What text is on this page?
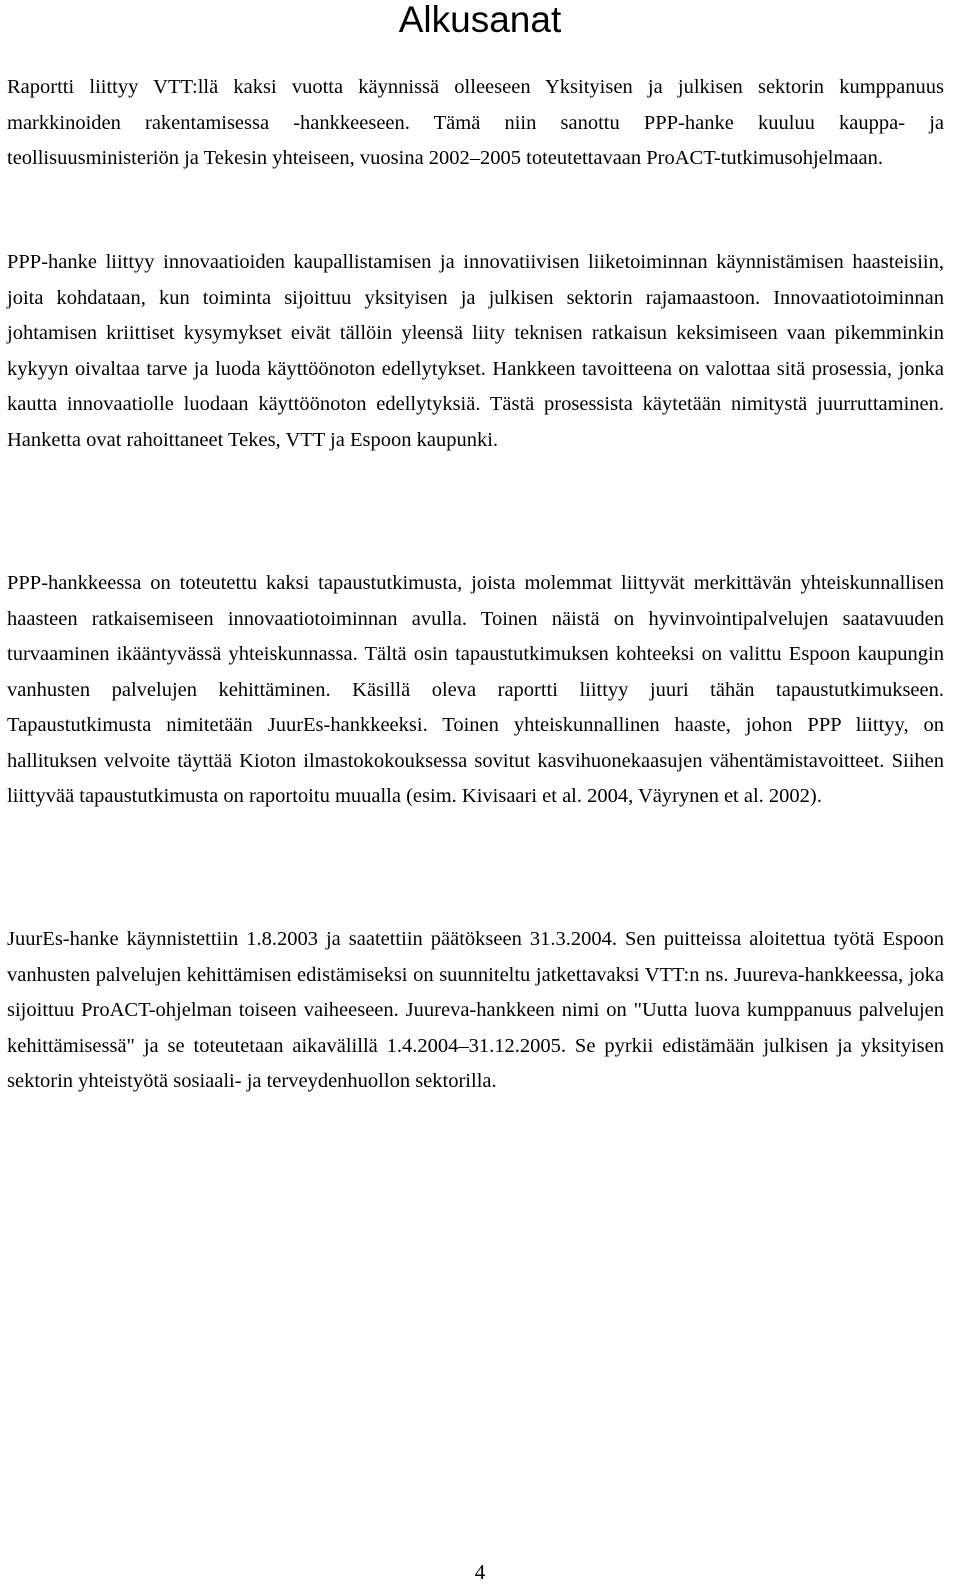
Alkusanat

Raportti liittyy VTT:llä kaksi vuotta käynnissä olleeseen Yksityisen ja julkisen sektorin kumppanuus markkinoiden rakentamisessa -hankkeeseen. Tämä niin sanottu PPP-hanke kuuluu kauppa- ja teollisuusministeriön ja Tekesin yhteiseen, vuosina 2002–2005 toteutettavaan ProACT-tutkimusohjelmaan.

PPP-hanke liittyy innovaatioiden kaupallistamisen ja innovatiivisen liiketoiminnan käynnistämisen haasteisiin, joita kohdataan, kun toiminta sijoittuu yksityisen ja julkisen sektorin rajamaastoon. Innovaatiotoiminnan johtamisen kriittiset kysymykset eivät tällöin yleensä liity teknisen ratkaisun keksimiseen vaan pikemminkin kykyyn oivaltaa tarve ja luoda käyttöönoton edellytykset. Hankkeen tavoitteena on valottaa sitä prosessia, jonka kautta innovaatiolle luodaan käyttöönoton edellytyksiä. Tästä prosessista käytetään nimitystä juurruttaminen. Hanketta ovat rahoittaneet Tekes, VTT ja Espoon kaupunki.

PPP-hankkeessa on toteutettu kaksi tapaustutkimusta, joista molemmat liittyvät merkittävän yhteiskunnallisen haasteen ratkaisemiseen innovaatiotoiminnan avulla. Toinen näistä on hyvinvointipalvelujen saatavuuden turvaaminen ikääntyvässä yhteiskunnassa. Tältä osin tapaustutkimuksen kohteeksi on valittu Espoon kaupungin vanhusten palvelujen kehittäminen. Käsillä oleva raportti liittyy juuri tähän tapaustutkimukseen. Tapaustutkimusta nimitetään JuurEs-hankkeeksi. Toinen yhteiskunnallinen haaste, johon PPP liittyy, on hallituksen velvoite täyttää Kioton ilmastokokouksessa sovitut kasvihuonekaasujen vähentämistavoitteet. Siihen liittyvää tapaustutkimusta on raportoitu muualla (esim. Kivisaari et al. 2004, Väyrynen et al. 2002).

JuurEs-hanke käynnistettiin 1.8.2003 ja saatettiin päätökseen 31.3.2004. Sen puitteissa aloitettua työtä Espoon vanhusten palvelujen kehittämisen edistämiseksi on suunniteltu jatkettavaksi VTT:n ns. Juureva-hankkeessa, joka sijoittuu ProACT-ohjelman toiseen vaiheeseen. Juureva-hankkeen nimi on "Uutta luova kumppanuus palvelujen kehittämisessä" ja se toteutetaan aikavälillä 1.4.2004–31.12.2005. Se pyrkii edistämään julkisen ja yksityisen sektorin yhteistyötä sosiaali- ja terveydenhuollon sektorilla.

4
